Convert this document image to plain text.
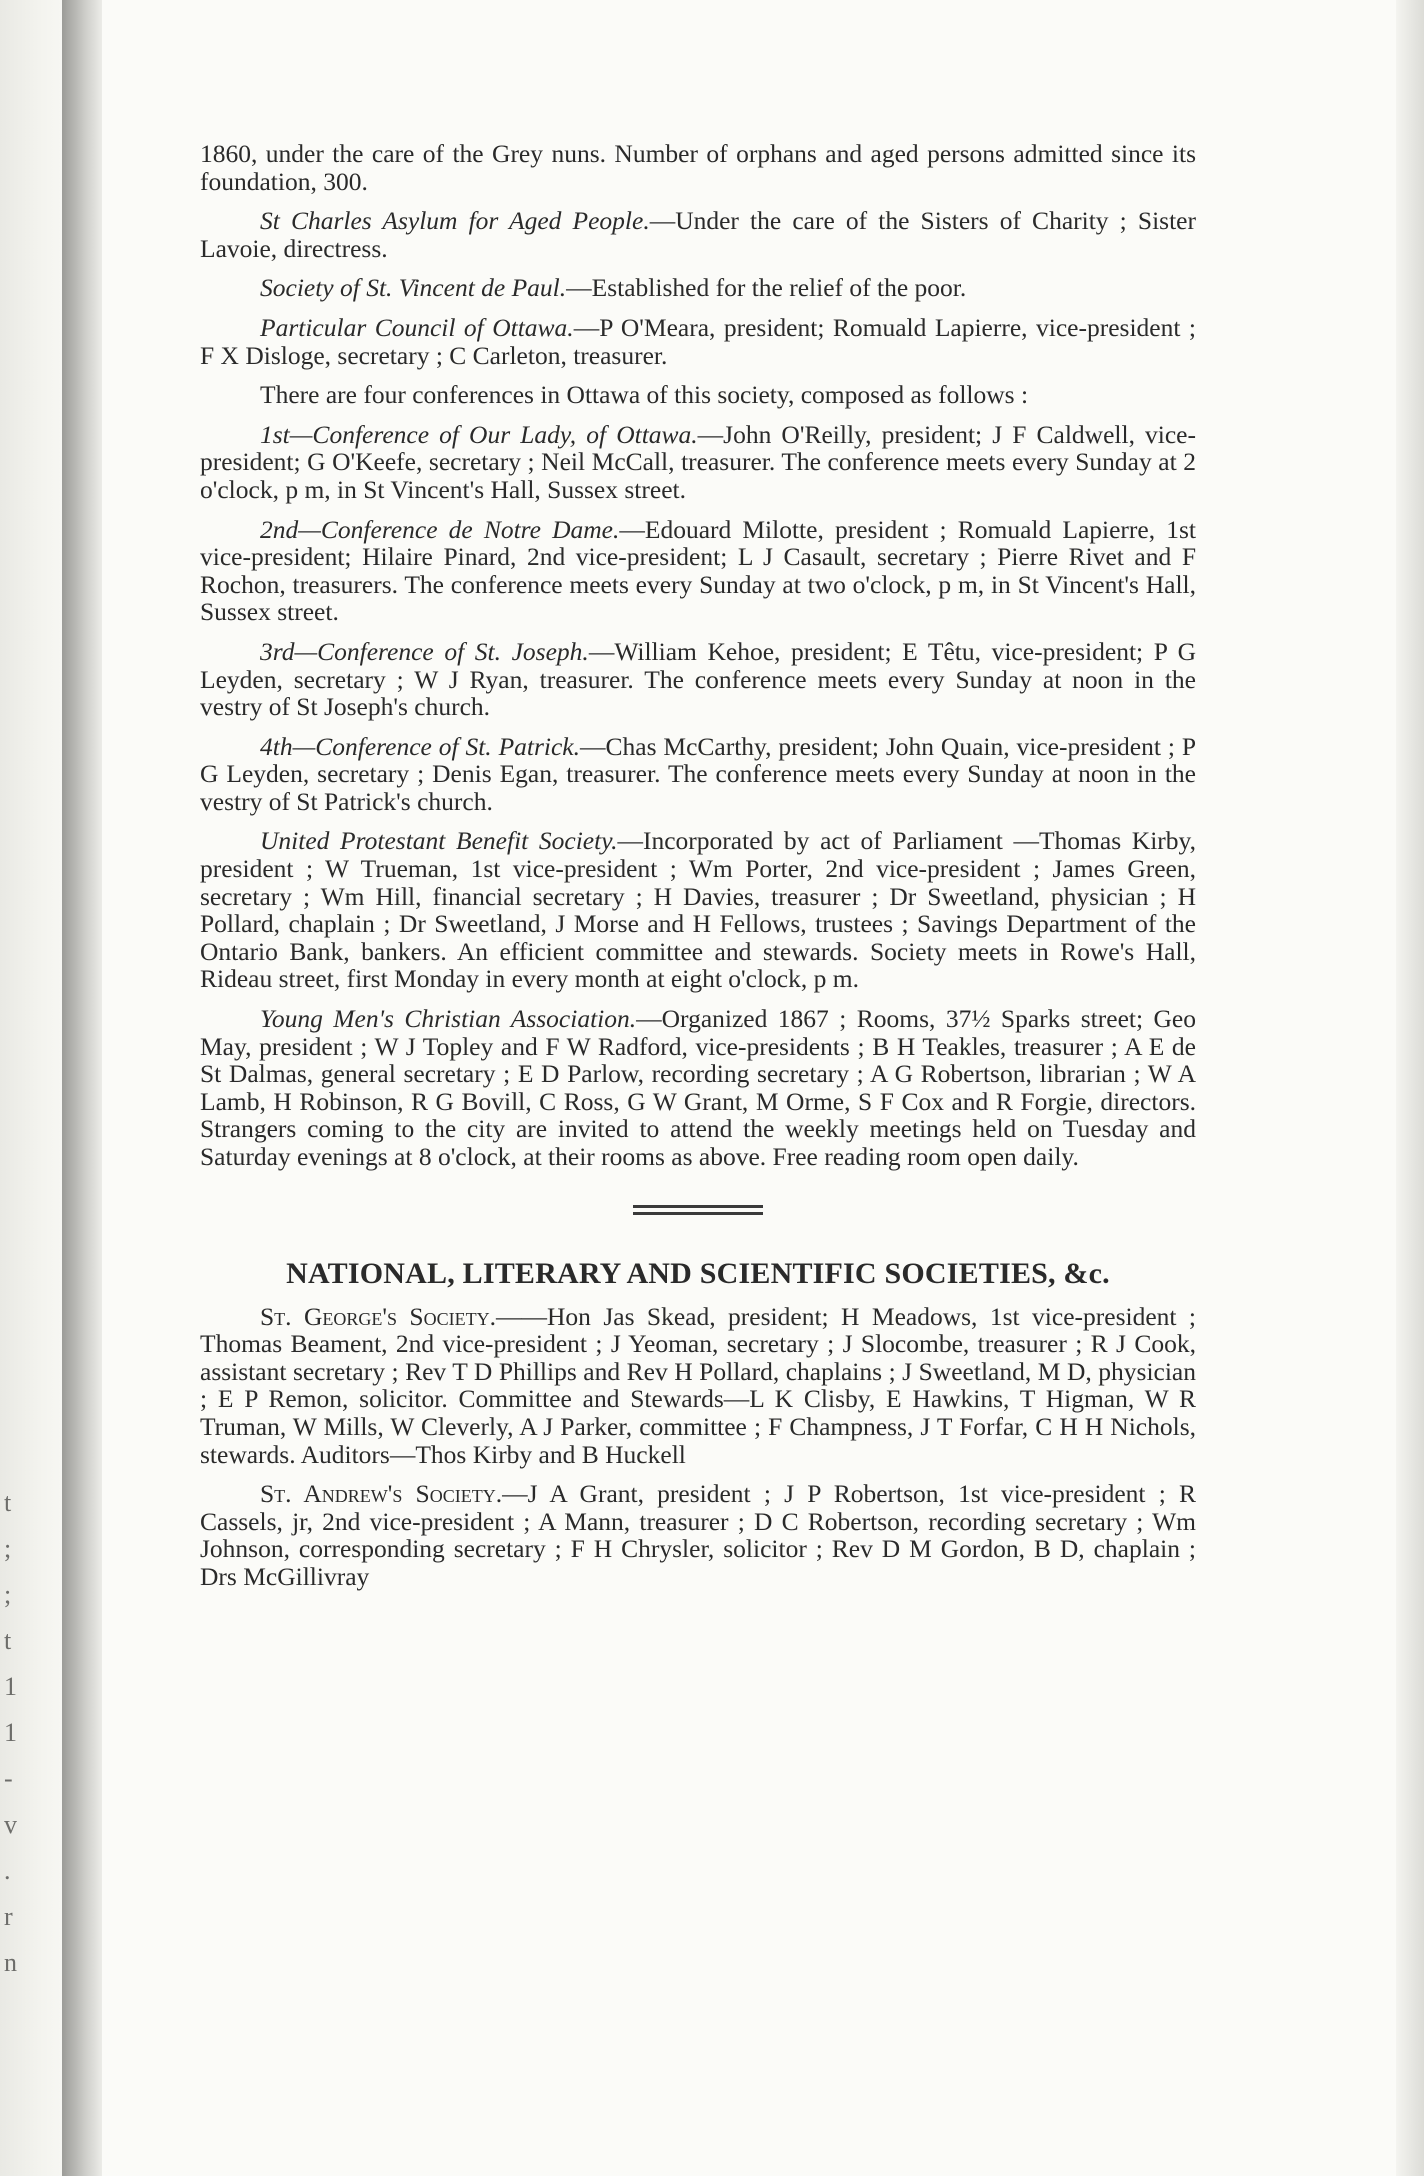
t
;
;
t
1
1
-
v
.
r
n

1860, under the care of the Grey nuns. Number of orphans and aged persons admitted since its foundation, 300.

St Charles Asylum for Aged People.—Under the care of the Sisters of Charity ; Sister Lavoie, directress.

Society of St. Vincent de Paul.—Established for the relief of the poor.

Particular Council of Ottawa.—P O'Meara, president; Romuald Lapierre, vice-president ; F X Disloge, secretary ; C Carleton, treasurer.

There are four conferences in Ottawa of this society, composed as follows :

1st—Conference of Our Lady, of Ottawa.—John O'Reilly, president; J F Caldwell, vice-president; G O'Keefe, secretary ; Neil McCall, treasurer. The conference meets every Sunday at 2 o'clock, p m, in St Vincent's Hall, Sussex street.

2nd—Conference de Notre Dame.—Edouard Milotte, president ; Romuald Lapierre, 1st vice-president; Hilaire Pinard, 2nd vice-president; L J Casault, secretary ; Pierre Rivet and F Rochon, treasurers. The conference meets every Sunday at two o'clock, p m, in St Vincent's Hall, Sussex street.

3rd—Conference of St. Joseph.—William Kehoe, president; E Têtu, vice-president; P G Leyden, secretary ; W J Ryan, treasurer. The conference meets every Sunday at noon in the vestry of St Joseph's church.

4th—Conference of St. Patrick.—Chas McCarthy, president; John Quain, vice-president ; P G Leyden, secretary ; Denis Egan, treasurer. The conference meets every Sunday at noon in the vestry of St Patrick's church.

United Protestant Benefit Society.—Incorporated by act of Parliament —Thomas Kirby, president ; W Trueman, 1st vice-president ; Wm Porter, 2nd vice-president ; James Green, secretary ; Wm Hill, financial secretary ; H Davies, treasurer ; Dr Sweetland, physician ; H Pollard, chaplain ; Dr Sweetland, J Morse and H Fellows, trustees ; Savings Department of the Ontario Bank, bankers. An efficient committee and stewards. Society meets in Rowe's Hall, Rideau street, first Monday in every month at eight o'clock, p m.

Young Men's Christian Association.—Organized 1867 ; Rooms, 37½ Sparks street; Geo May, president ; W J Topley and F W Radford, vice-presidents ; B H Teakles, treasurer ; A E de St Dalmas, general secretary ; E D Parlow, recording secretary ; A G Robertson, librarian ; W A Lamb, H Robinson, R G Bovill, C Ross, G W Grant, M Orme, S F Cox and R Forgie, directors. Strangers coming to the city are invited to attend the weekly meetings held on Tuesday and Saturday evenings at 8 o'clock, at their rooms as above. Free reading room open daily.

NATIONAL, LITERARY AND SCIENTIFIC SOCIETIES, &c.

St. George's Society.——Hon Jas Skead, president; H Meadows, 1st vice-president ; Thomas Beament, 2nd vice-president ; J Yeoman, secretary ; J Slocombe, treasurer ; R J Cook, assistant secretary ; Rev T D Phillips and Rev H Pollard, chaplains ; J Sweetland, M D, physician ; E P Remon, solicitor. Committee and Stewards—L K Clisby, E Hawkins, T Higman, W R Truman, W Mills, W Cleverly, A J Parker, committee ; F Champness, J T Forfar, C H H Nichols, stewards. Auditors—Thos Kirby and B Huckell

St. Andrew's Society.—J A Grant, president ; J P Robertson, 1st vice-president ; R Cassels, jr, 2nd vice-president ; A Mann, treasurer ; D C Robertson, recording secretary ; Wm Johnson, corresponding secretary ; F H Chrysler, solicitor ; Rev D M Gordon, B D, chaplain ; Drs McGillivray
